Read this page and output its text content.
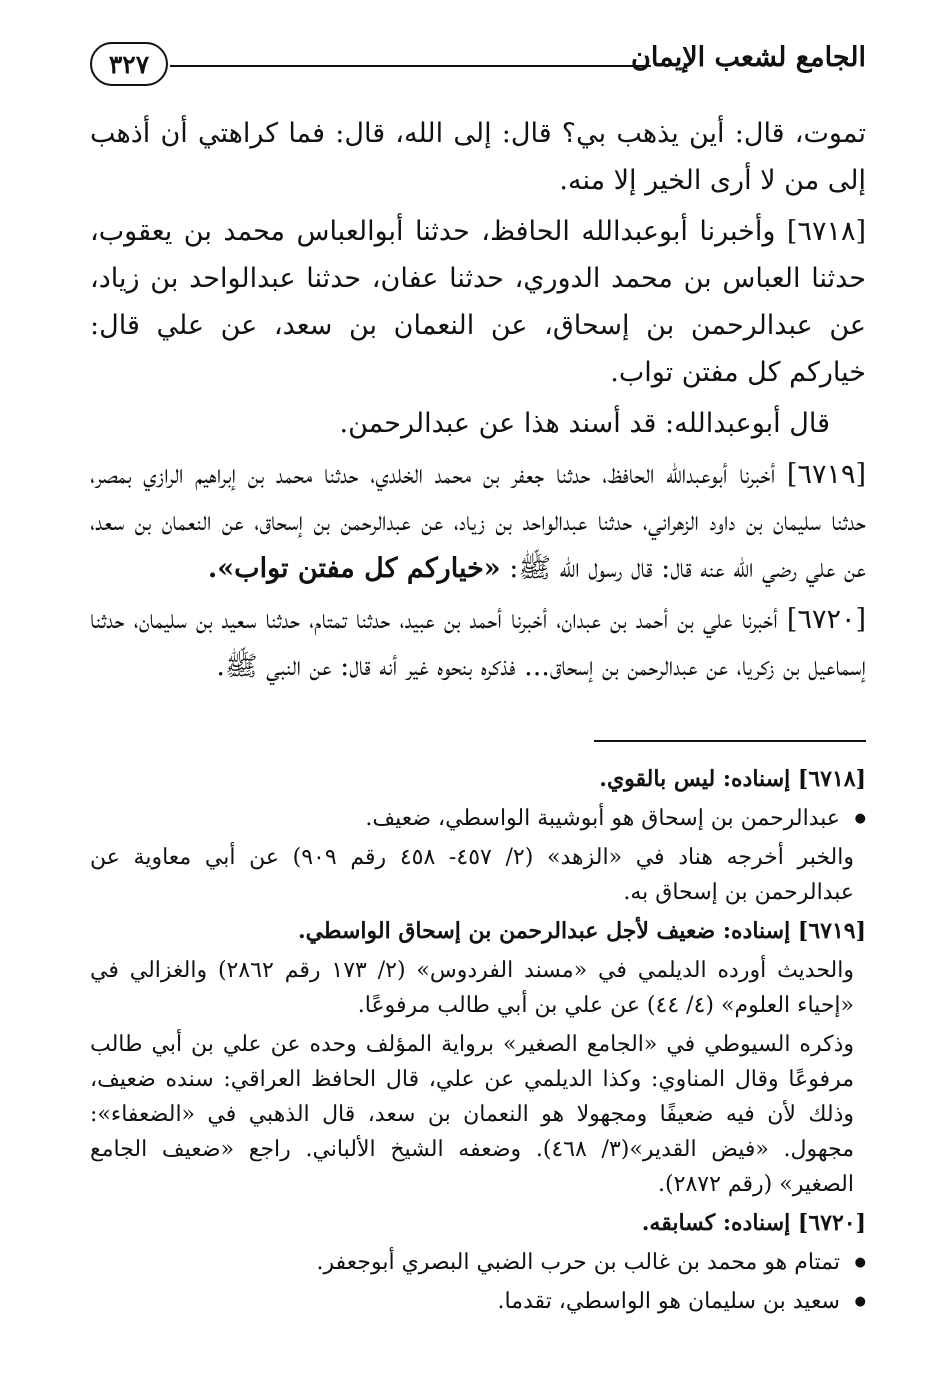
٣٢٧	الجامع لشعب الإيمان

تموت، قال: أين يذهب بي؟ قال: إلى الله، قال: فما كراهتي أن أذهب إلى من لا أرى الخير إلا منه.

[٦٧١٨] وأخبرنا أبوعبدالله الحافظ، حدثنا أبوالعباس محمد بن يعقوب، حدثنا العباس بن محمد الدوري، حدثنا عفان، حدثنا عبدالواحد بن زياد، عن عبدالرحمن بن إسحاق، عن النعمان بن سعد، عن علي قال: خياركم كل مفتن تواب.

قال أبوعبدالله: قد أسند هذا عن عبدالرحمن.

[٦٧١٩] أخبرنا أبوعبدالله الحافظ، حدثنا جعفر بن محمد الخلدي، حدثنا محمد بن إبراهيم الرازي بمصر، حدثنا سليمان بن داود الزهراني، حدثنا عبدالواحد بن زياد، عن عبدالرحمن بن إسحاق، عن النعمان بن سعد، عن علي رضي الله عنه قال: قال رسول الله ﷺ: «خياركم كل مفتن تواب».

[٦٧٢٠] أخبرنا علي بن أحمد بن عبدان، أخبرنا أحمد بن عبيد، حدثنا تمتام، حدثنا سعيد بن سليمان، حدثنا إسماعيل بن زكريا، عن عبدالرحمن بن إسحاق... فذكره بنحوه غير أنه قال: عن النبي ﷺ.

[٦٧١٨] إسناده: ليس بالقوي.

● عبدالرحمن بن إسحاق هو أبوشيبة الواسطي، ضعيف.

والخبر أخرجه هناد في «الزهد» (٢/ ٤٥٧- ٤٥٨ رقم ٩٠٩) عن أبي معاوية عن عبدالرحمن بن إسحاق به.

[٦٧١٩] إسناده: ضعيف لأجل عبدالرحمن بن إسحاق الواسطي.

والحديث أورده الديلمي في «مسند الفردوس» (٢/ ١٧٣ رقم ٢٨٦٢) والغزالي في «إحياء العلوم» (٤/ ٤٤) عن علي بن أبي طالب مرفوعًا.

وذكره السيوطي في «الجامع الصغير» برواية المؤلف وحده عن علي بن أبي طالب مرفوعًا وقال المناوي: وكذا الديلمي عن علي، قال الحافظ العراقي: سنده ضعيف، وذلك لأن فيه ضعيفًا ومجهولا هو النعمان بن سعد، قال الذهبي في «الضعفاء»: مجهول. «فيض القدير»(٣/ ٤٦٨). وضعفه الشيخ الألباني. راجع «ضعيف الجامع الصغير» (رقم ٢٨٧٢).

[٦٧٢٠] إسناده: كسابقه.

● تمتام هو محمد بن غالب بن حرب الضبي البصري أبوجعفر.

● سعيد بن سليمان هو الواسطي، تقدما.
